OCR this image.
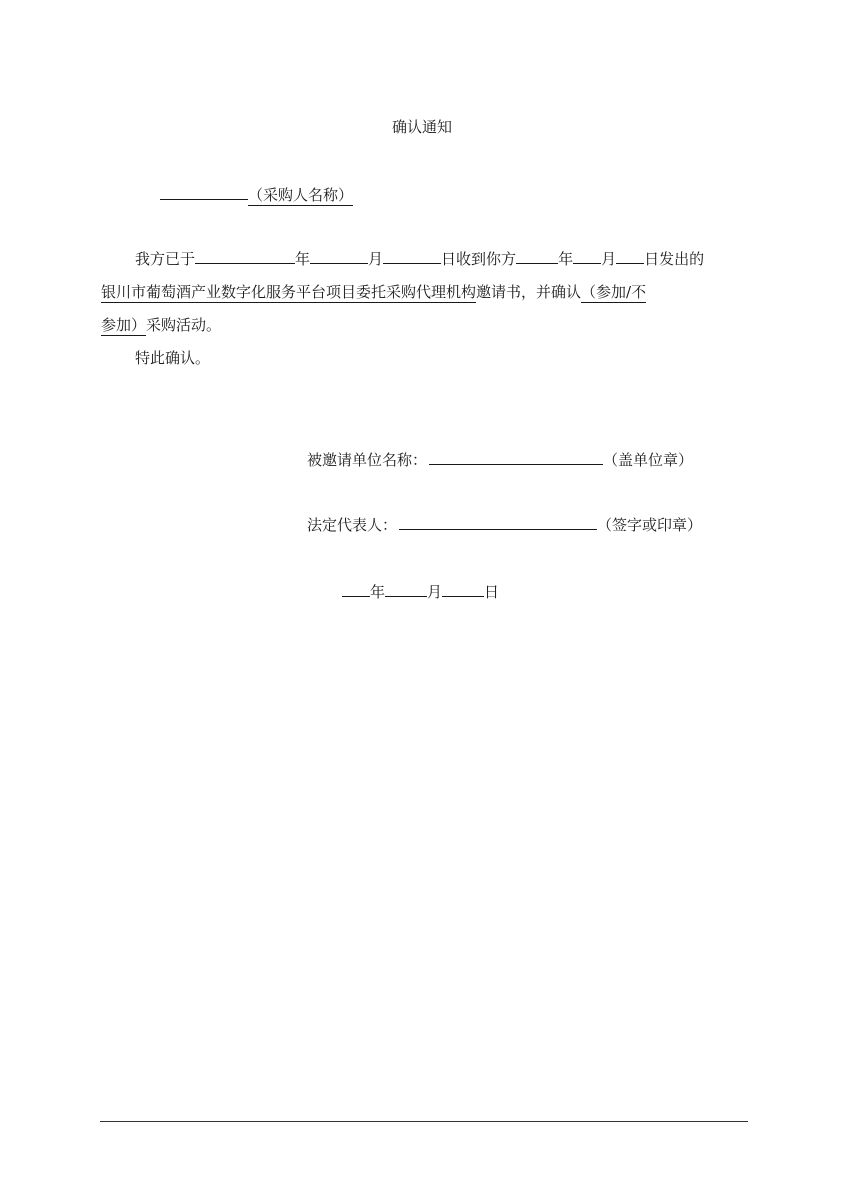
确认通知
（采购人名称）
我方已于	年	月	日收到你方	年 月 日发出的
银川市葡萄酒产业数字化服务平台项目委托采购代理机构邀请书，并确认（参加/不
参加）采购活动。
特此确认。
被邀请单位名称：	（盖单位章）
法定代表人：	（签字或印章）
年	月	日
